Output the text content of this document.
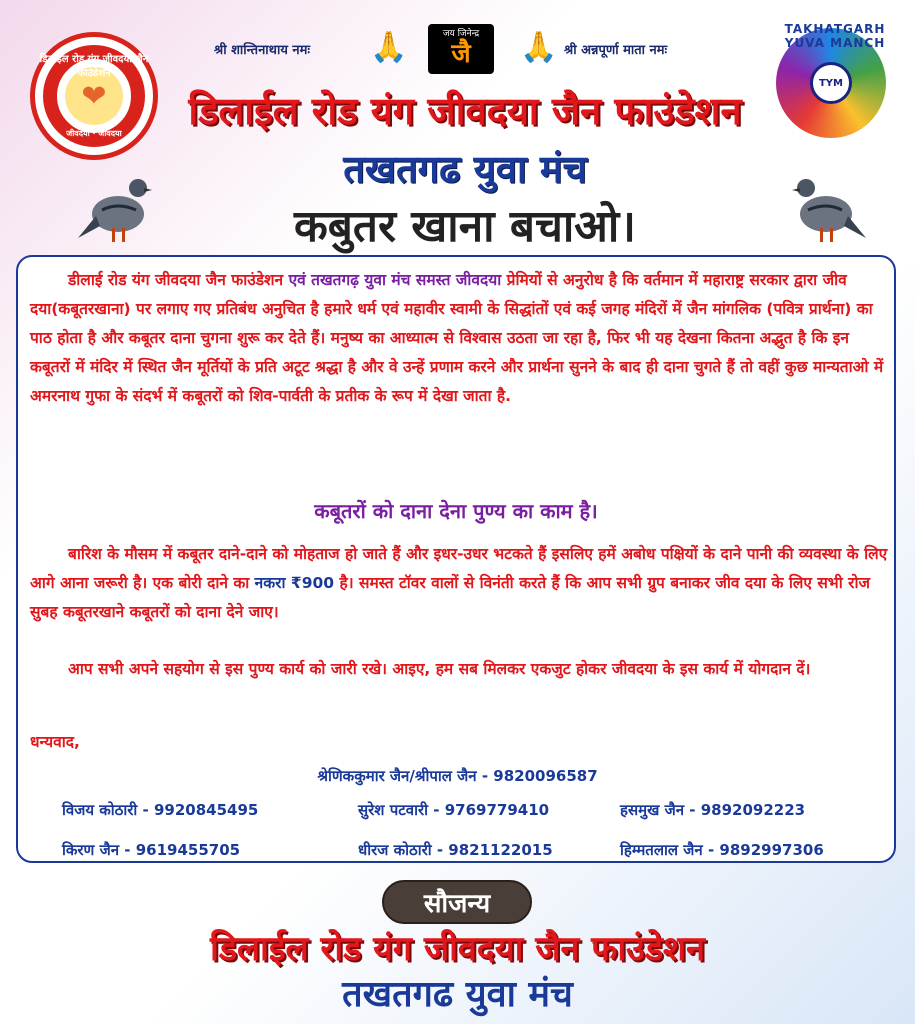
डिलाईल रोड यंग जीवदया जैन फाउंडेशन
❤
जीवदया · जीवदया
श्री शान्तिनाथाय नमः 🙏	जय जिनेन्द्र
जै	🙏 श्री अन्नपूर्णा माता नमः
TAKHATGARH YUVA MANCH
TYM
डिलाईल रोड यंग जीवदया जैन फाउंडेशन
तखतगढ युवा मंच
कबुतर खाना बचाओ।
डीलाई रोड यंग जीवदया जैन फाउंडेशन एवं तखतगढ़ युवा मंच समस्त जीवदया प्रेमियों से अनुरोध है कि वर्तमान में महाराष्ट्र सरकार द्वारा जीव दया(कबूतरखाना) पर लगाए गए प्रतिबंध अनुचित है हमारे धर्म एवं महावीर स्वामी के सिद्धांतों एवं कई जगह मंदिरों में जैन मांगलिक (पवित्र प्रार्थना) का पाठ होता है और कबूतर दाना चुगना शुरू कर देते हैं। मनुष्य का आध्यात्म से विश्वास उठता जा रहा है, फिर भी यह देखना कितना अद्भुत है कि इन कबूतरों में मंदिर में स्थित जैन मूर्तियों के प्रति अटूट श्रद्धा है और वे उन्हें प्रणाम करने और प्रार्थना सुनने के बाद ही दाना चुगते हैं तो वहीं कुछ मान्यताओ में अमरनाथ गुफा के संदर्भ में कबूतरों को शिव-पार्वती के प्रतीक के रूप में देखा जाता है.
कबूतरों को दाना देना पुण्य का काम है।
बारिश के मौसम में कबूतर दाने-दाने को मोहताज हो जाते हैं और इधर-उधर भटकते हैं इसलिए हमें अबोध पक्षियों के दाने पानी की व्यवस्था के लिए आगे आना जरूरी है। एक बोरी दाने का नकरा ₹900 है। समस्त टॉवर वालों से विनंती करते हैं कि आप सभी ग्रुप बनाकर जीव दया के लिए सभी रोज सुबह कबूतरखाने कबूतरों को दाना देने जाए।
आप सभी अपने सहयोग से इस पुण्य कार्य को जारी रखे। आइए, हम सब मिलकर एकजुट होकर जीवदया के इस कार्य में योगदान दें।
धन्यवाद,
श्रेणिककुमार जैन/श्रीपाल जैन - 9820096587
विजय कोठारी - 9920845495	सुरेश पटवारी - 9769779410	हसमुख जैन - 9892092223
किरण जैन - 9619455705	धीरज कोठारी - 9821122015	हिम्मतलाल जैन - 9892997306
सौजन्य
डिलाईल रोड यंग जीवदया जैन फाउंडेशन
तखतगढ युवा मंच
